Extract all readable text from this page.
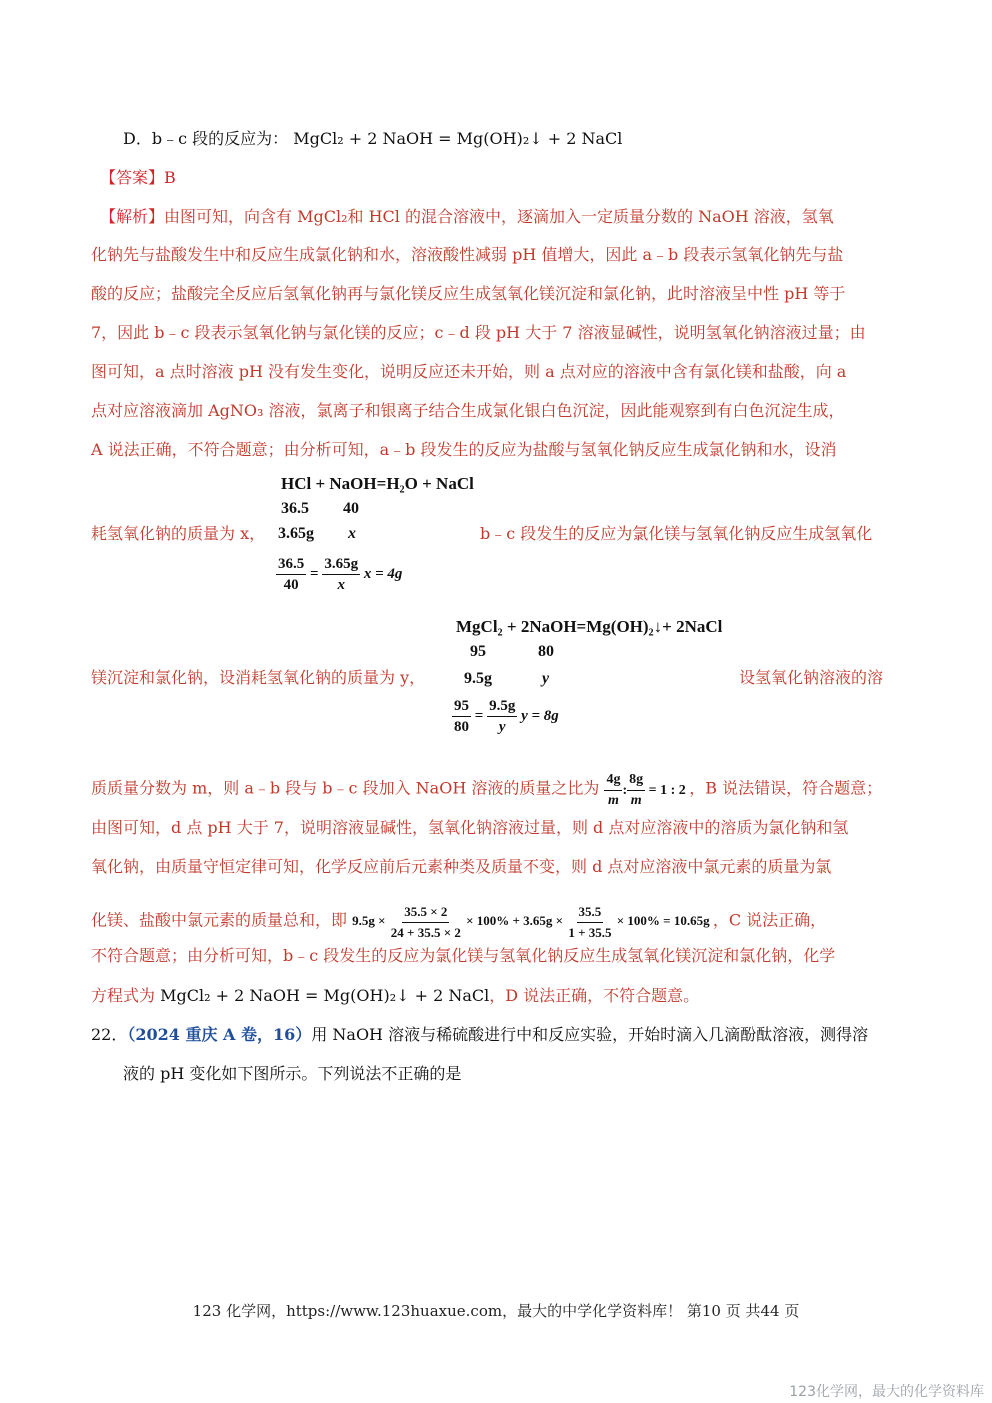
D．b﹣c 段的反应为： MgCl₂ + 2 NaOH = Mg(OH)₂↓ + 2 NaCl
【答案】B
【解析】由图可知，向含有 MgCl₂和 HCl 的混合溶液中，逐滴加入一定质量分数的 NaOH 溶液，氢氧
化钠先与盐酸发生中和反应生成氯化钠和水，溶液酸性减弱 pH 值增大，因此 a﹣b 段表示氢氧化钠先与盐
酸的反应；盐酸完全反应后氢氧化钠再与氯化镁反应生成氢氧化镁沉淀和氯化钠，此时溶液呈中性 pH 等于
7，因此 b﹣c 段表示氢氧化钠与氯化镁的反应；c﹣d 段 pH 大于 7 溶液显碱性，说明氢氧化钠溶液过量；由
图可知，a 点时溶液 pH 没有发生变化，说明反应还未开始，则 a 点对应的溶液中含有氯化镁和盐酸，向 a
点对应溶液滴加 AgNO₃ 溶液，氯离子和银离子结合生成氯化银白色沉淀，因此能观察到有白色沉淀生成，
A 说法正确，不符合题意；由分析可知，a﹣b 段发生的反应为盐酸与氢氧化钠反应生成氯化钠和水，设消
HCl + NaOH=H₂O + NaCl
36.5 40
3.65g x
耗氢氧化钠的质量为 x，	b﹣c 段发生的反应为氯化镁与氢氧化钠反应生成氢氧化
$\frac{36.5}{40} = \frac{3.65g}{x}$ x = 4g
MgCl₂ + 2NaOH=Mg(OH)₂↓+ 2NaCl
95	80
9.5g	y
镁沉淀和氯化钠，设消耗氢氧化钠的质量为 y，	设氢氧化钠溶液的溶
$\frac{95}{80} = \frac{9.5g}{y}$ y = 8g
质质量分数为 m，则 a﹣b 段与 b﹣c 段加入 NaOH 溶液的质量之比为 $\frac{4g}{m}$ : $\frac{8g}{m} = 1$ : 2 ，B 说法错误，符合题意；
由图可知，d 点 pH 大于 7，说明溶液显碱性，氢氧化钠溶液过量，则 d 点对应溶液中的溶质为氯化钠和氢
氧化钠，由质量守恒定律可知，化学反应前后元素种类及质量不变，则 d 点对应溶液中氯元素的质量为氯
化镁、盐酸中氯元素的质量总和，即 $9.5g \times \frac{35.5 \times 2}{24 + 35.5 \times 2} \times 100\% + 3.65g \times \frac{35.5}{1 + 35.5} \times 100\% = 10.65g$ ，C 说法正确，
不符合题意；由分析可知，b﹣c 段发生的反应为氯化镁与氢氧化钠反应生成氢氧化镁沉淀和氯化钠，化学
方程式为 MgCl₂ + 2 NaOH = Mg(OH)₂↓ + 2 NaCl，D 说法正确，不符合题意。
22．（2024 重庆 A 卷，16）用 NaOH 溶液与稀硫酸进行中和反应实验，开始时滴入几滴酚酞溶液，测得溶
液的 pH 变化如下图所示。下列说法不正确的是
123 化学网，https://www.123huaxue.com，最大的中学化学资料库！ 第10 页 共44 页
123化学网，最大的化学资料库
